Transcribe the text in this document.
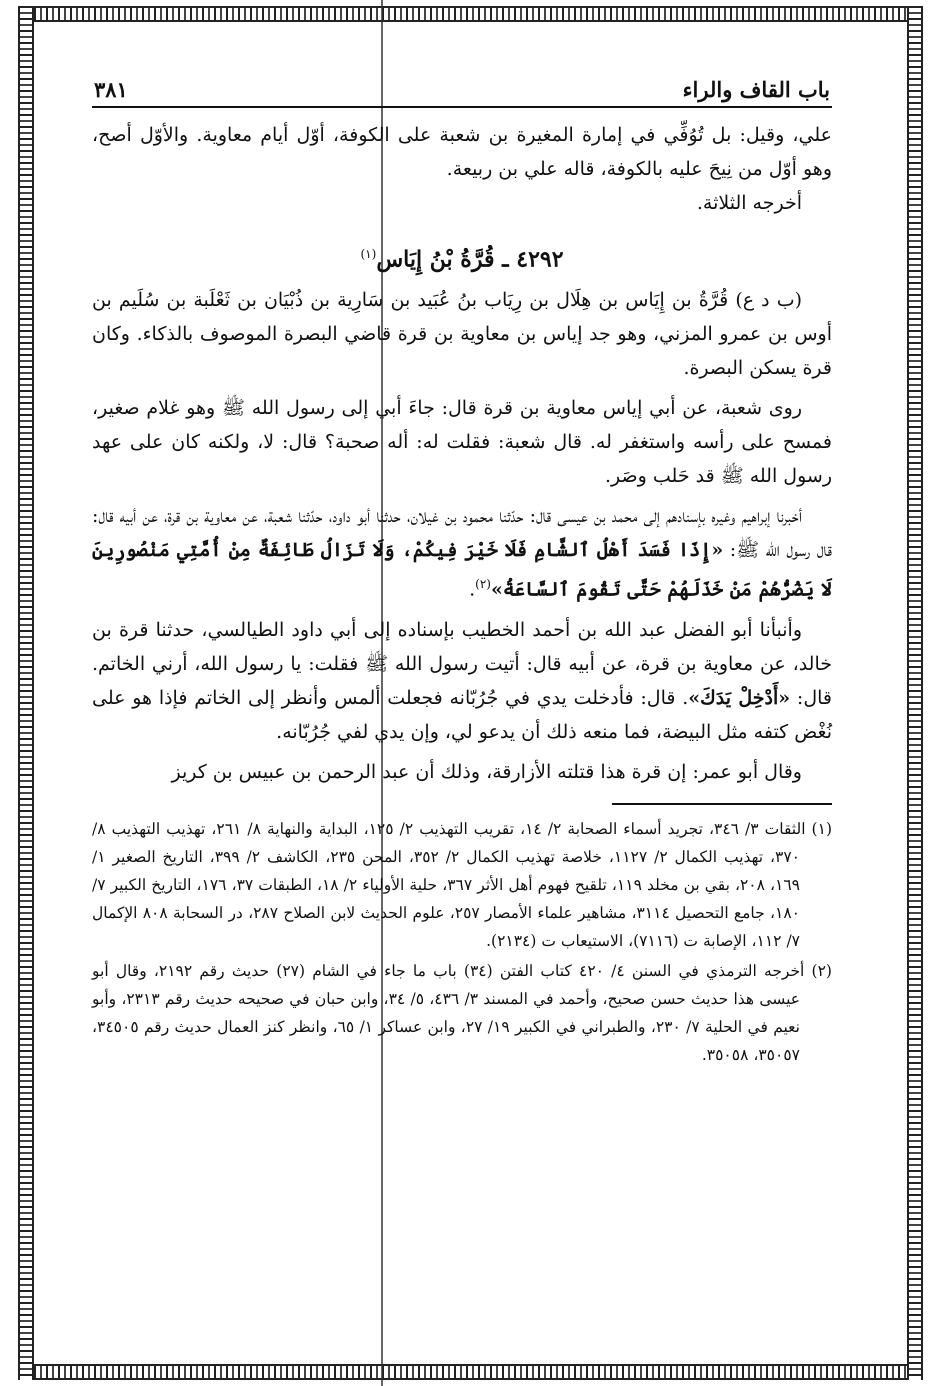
باب القاف والراء
٣٨١

علي، وقيل: بل تُوُفِّي في إمارة المغيرة بن شعبة على الكوفة، أوّل أيام معاوية. والأوّل أصح، وهو أوّل من نِيحَ عليه بالكوفة، قاله علي بن ربيعة.

أخرجه الثلاثة.

٤٢٩٢ ـ قُرَّةُ بْنُ إِيَاس$^{(١)}$

(ب د ع) قُرَّةُ بن إِيَاس بن هِلَال بن رِيَاب بنُ عُبَيد بن سَارِية بن ذُبْيَان بن ثَعْلَبة بن سُلَيم بن أوس بن عمرو المزني، وهو جد إياس بن معاوية بن قرة قاضي البصرة الموصوف بالذكاء. وكان قرة يسكن البصرة.

روى شعبة، عن أبي إياس معاوية بن قرة قال: جاءَ أبي إلى رسول الله ﷺ وهو غلام صغير، فمسح على رأسه واستغفر له. قال شعبة: فقلت له: أله صحبة؟ قال: لا، ولكنه كان على عهد رسول الله ﷺ قد حَلب وصَر.

أخبرنا إبراهيم وغيره بإسنادهم إلى محمد بن عيسى قال: حدّثنا محمود بن غيلان، حدثنا أبو داود، حدّثنا شعبة، عن معاوية بن قرة، عن أبيه قال: قال رسول الله ﷺ: «إِذَا فَسَدَ أَهْلُ ٱلشَّامِ فَلَا خَيْرَ فِيكُمْ، وَلَا تَزَالُ طَائِفَةٌ مِنْ أُمَّتِي مَنْصُورِينَ لَا يَضُرُّهُمْ مَنْ خَذَلَهُمْ حَتَّى تَقُومَ ٱلسَّاعَةُ»$^{(٢)}$.

وأنبأنا أبو الفضل عبد الله بن أحمد الخطيب بإسناده إلى أبي داود الطيالسي، حدثنا قرة بن خالد، عن معاوية بن قرة، عن أبيه قال: أتيت رسول الله ﷺ فقلت: يا رسول الله، أرني الخاتم. قال: «أَدْخِلْ يَدَكَ». قال: فأدخلت يدي في جُرُبّانه فجعلت ألمس وأنظر إلى الخاتم فإذا هو على نُغْض كتفه مثل البيضة، فما منعه ذلك أن يدعو لي، وإن يدي لفي جُرُبّانه.

وقال أبو عمر: إن قرة هذا قتلته الأزارقة، وذلك أن عبد الرحمن بن عبيس بن كريز

(١) الثقات ٣/ ٣٤٦، تجريد أسماء الصحابة ٢/ ١٤، تقريب التهذيب ٢/ ١٢٥، البداية والنهاية ٨/ ٢٦١، تهذيب التهذيب ٨/ ٣٧٠، تهذيب الكمال ٢/ ١١٢٧، خلاصة تهذيب الكمال ٢/ ٣٥٢، المحن ٢٣٥، الكاشف ٢/ ٣٩٩، التاريخ الصغير ١/ ١٦٩، ٢٠٨، بقي بن مخلد ١١٩، تلقيح فهوم أهل الأثر ٣٦٧، حلية الأولياء ٢/ ١٨، الطبقات ٣٧، ١٧٦، التاريخ الكبير ٧/ ١٨٠، جامع التحصيل ٣١١٤، مشاهير علماء الأمصار ٢٥٧، علوم الحديث لابن الصلاح ٢٨٧، در السحابة ٨٠٨ الإكمال ٧/ ١١٢، الإصابة ت (٧١١٦)، الاستيعاب ت (٢١٣٤).

(٢) أخرجه الترمذي في السنن ٤/ ٤٢٠ كتاب الفتن (٣٤) باب ما جاء في الشام (٢٧) حديث رقم ٢١٩٢، وقال أبو عيسى هذا حديث حسن صحيح، وأحمد في المسند ٣/ ٤٣٦، ٥/ ٣٤، وابن حبان في صحيحه حديث رقم ٢٣١٣، وأبو نعيم في الحلية ٧/ ٢٣٠، والطبراني في الكبير ١٩/ ٢٧، وابن عساكر ١/ ٦٥، وانظر كنز العمال حديث رقم ٣٤٥٠٥، ٣٥٠٥٧، ٣٥٠٥٨.
